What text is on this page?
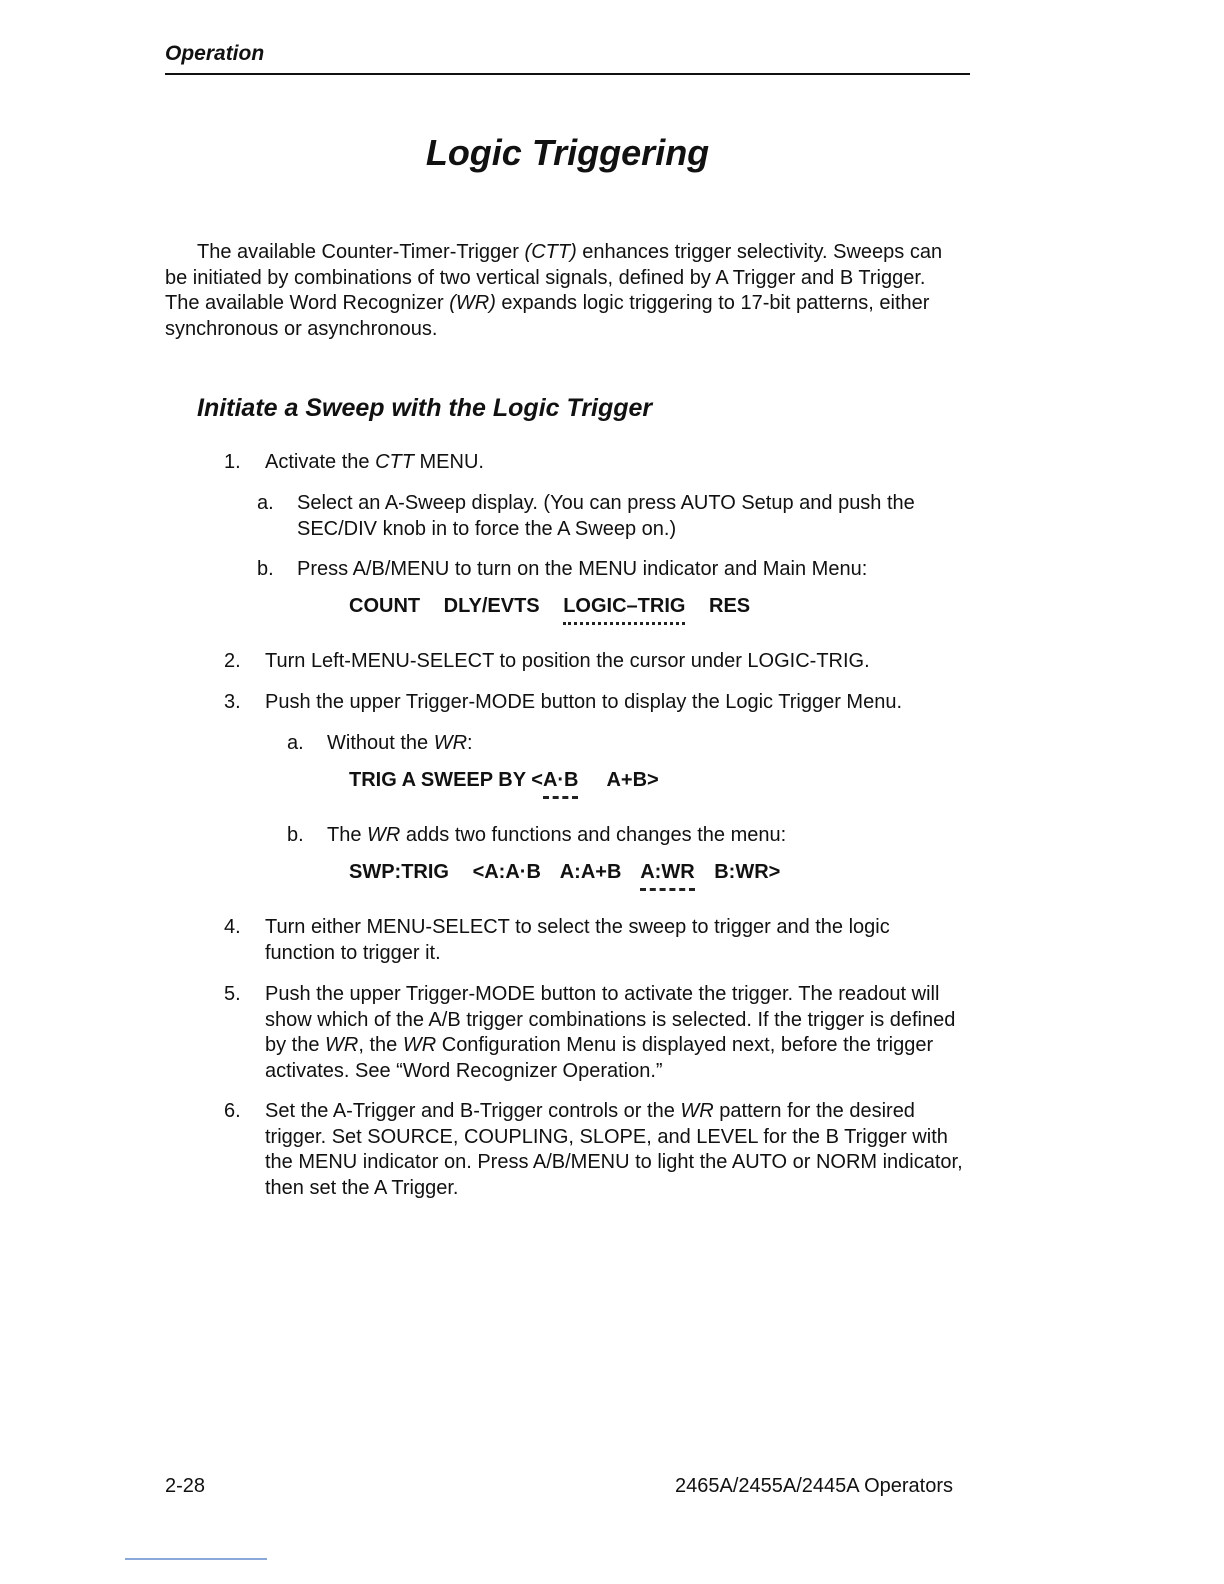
Operation
Logic Triggering
The available Counter-Timer-Trigger (CTT) enhances trigger selectivity. Sweeps can be initiated by combinations of two vertical signals, defined by A Trigger and B Trigger. The available Word Recognizer (WR) expands logic triggering to 17-bit patterns, either synchronous or asynchronous.
Initiate a Sweep with the Logic Trigger
1. Activate the CTT MENU.
a. Select an A-Sweep display. (You can press AUTO Setup and push the SEC/DIV knob in to force the A Sweep on.)
b. Press A/B/MENU to turn on the MENU indicator and Main Menu:
COUNT DLY/EVTS LOGIC–TRIG RES
2. Turn Left-MENU-SELECT to position the cursor under LOGIC-TRIG.
3. Push the upper Trigger-MODE button to display the Logic Trigger Menu.
a. Without the WR:
TRIG A SWEEP BY <A·B A+B>
b. The WR adds two functions and changes the menu:
SWP:TRIG <A:A·B A:A+B A:WR B:WR>
4. Turn either MENU-SELECT to select the sweep to trigger and the logic function to trigger it.
5. Push the upper Trigger-MODE button to activate the trigger. The readout will show which of the A/B trigger combinations is selected. If the trigger is defined by the WR, the WR Configuration Menu is displayed next, before the trigger activates. See “Word Recognizer Operation.”
6. Set the A-Trigger and B-Trigger controls or the WR pattern for the desired trigger. Set SOURCE, COUPLING, SLOPE, and LEVEL for the B Trigger with the MENU indicator on. Press A/B/MENU to light the AUTO or NORM indicator, then set the A Trigger.
2-28	2465A/2455A/2445A Operators
